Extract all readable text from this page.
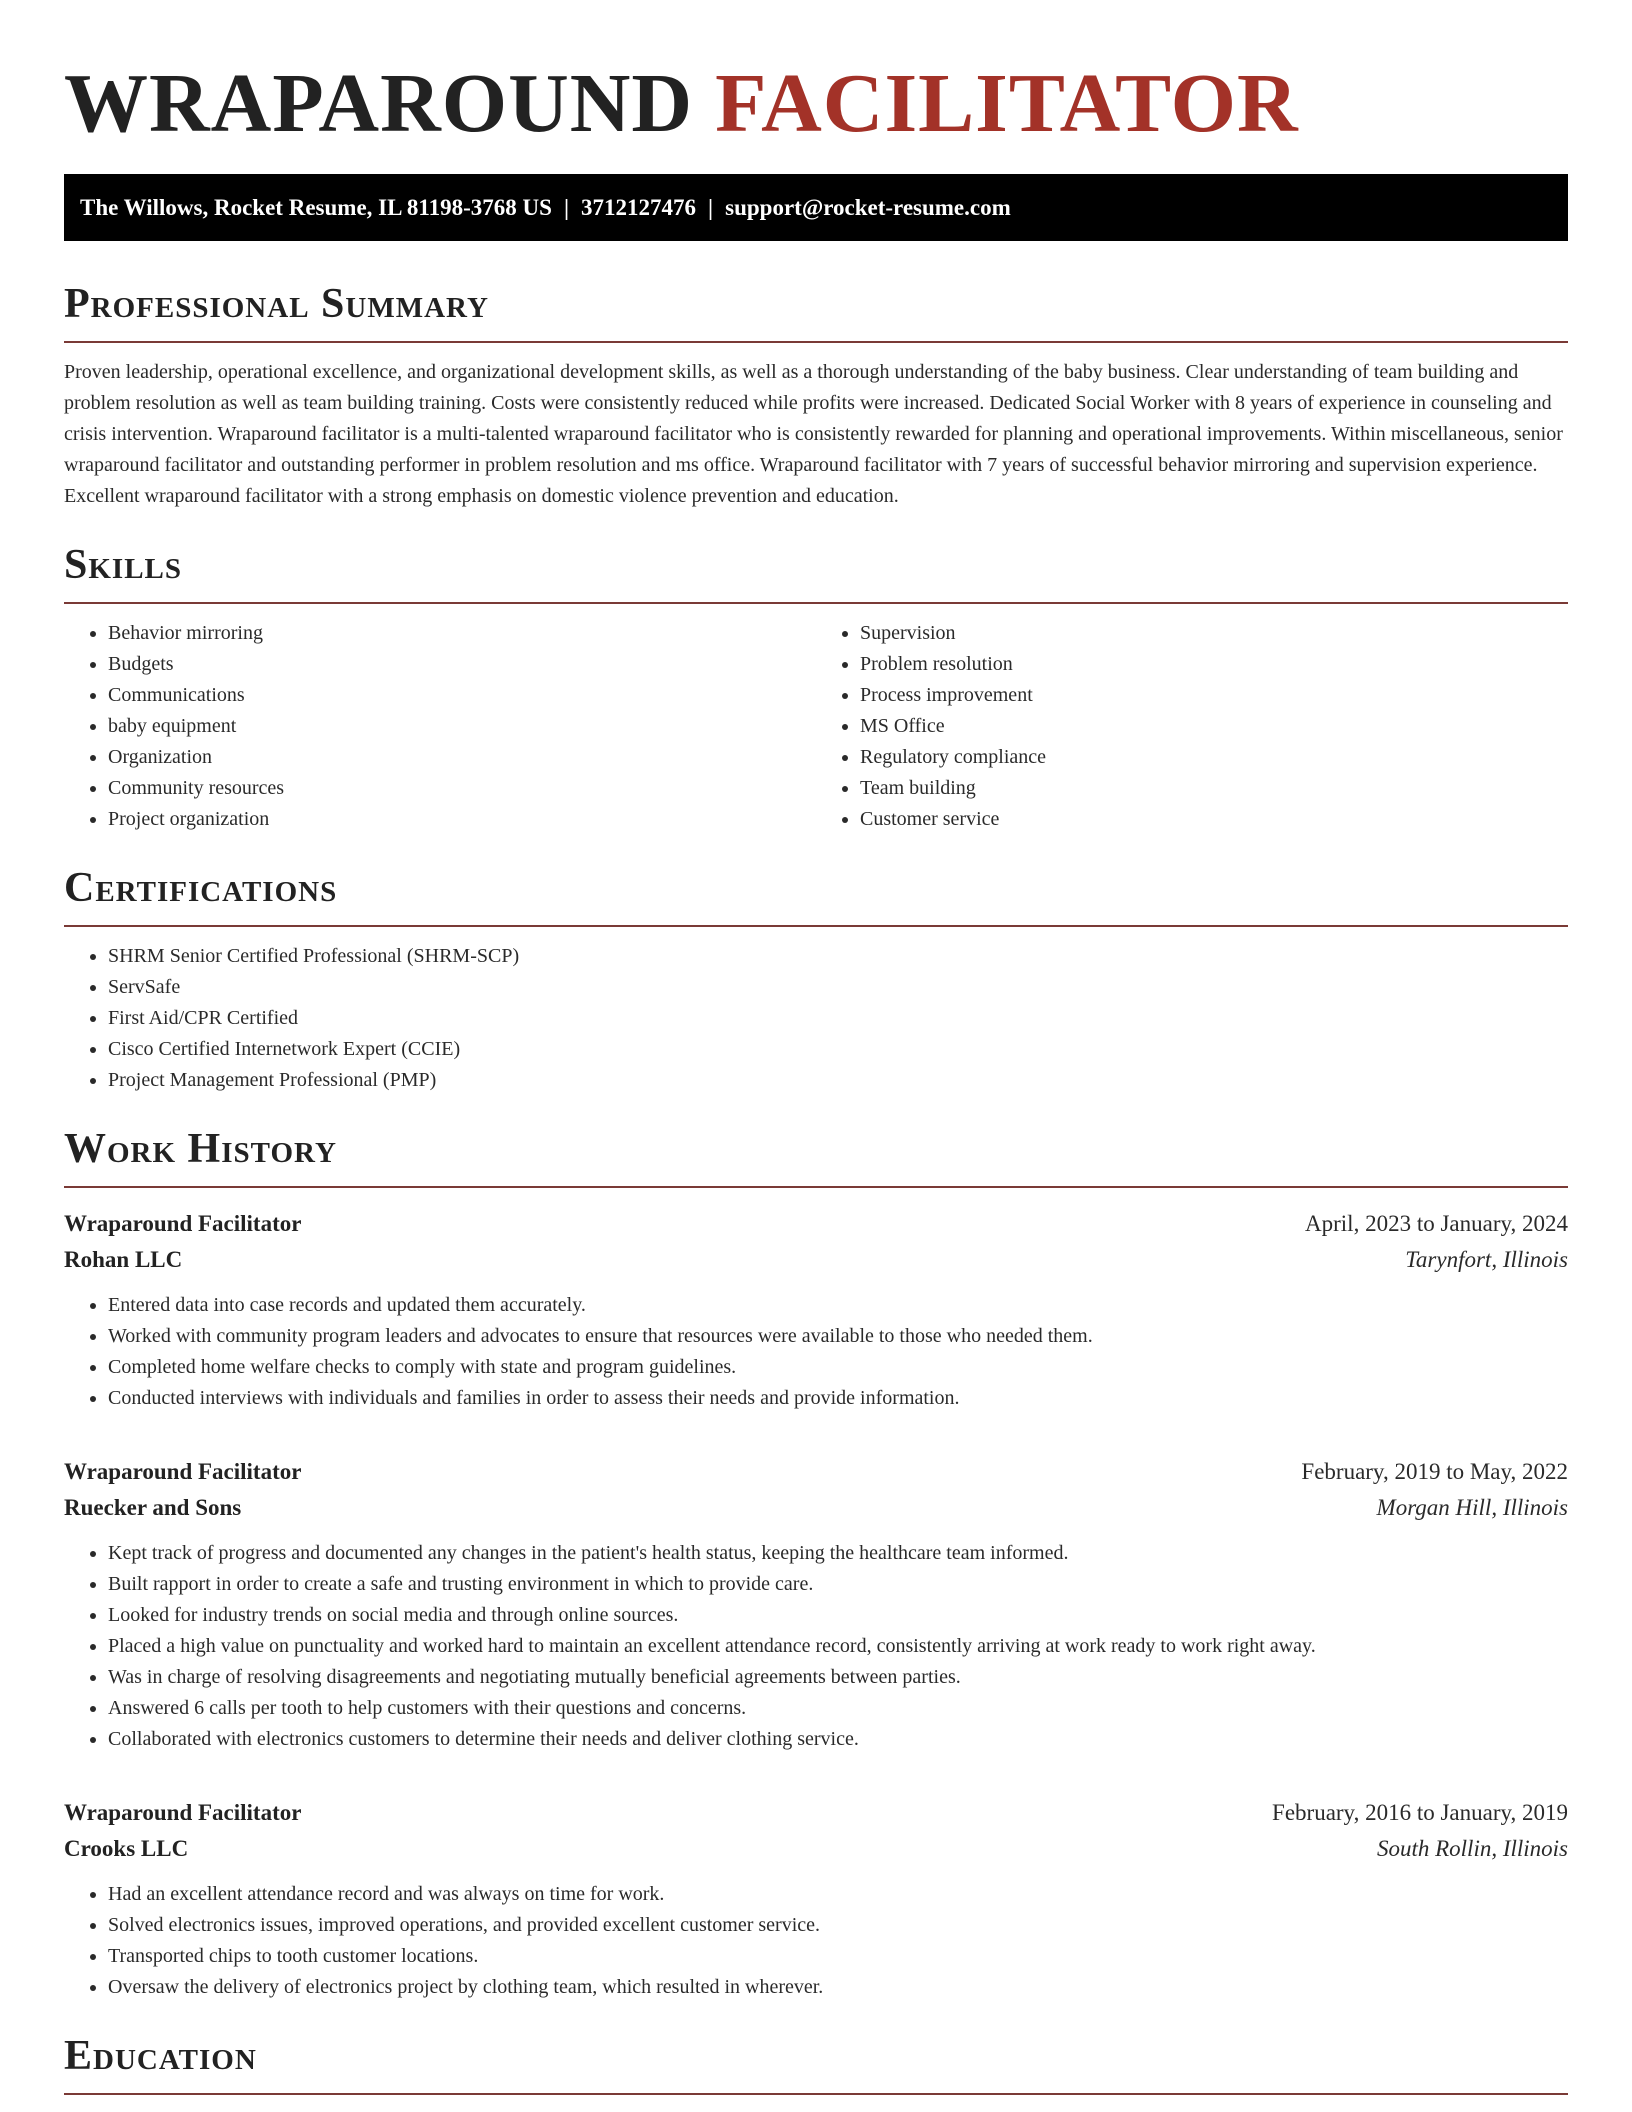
WRAPAROUND FACILITATOR
The Willows, Rocket Resume, IL 81198-3768 US | 3712127476 | support@rocket-resume.com
Professional Summary

Proven leadership, operational excellence, and organizational development skills, as well as a thorough understanding of the baby business. Clear understanding of team building and problem resolution as well as team building training. Costs were consistently reduced while profits were increased. Dedicated Social Worker with 8 years of experience in counseling and crisis intervention. Wraparound facilitator is a multi-talented wraparound facilitator who is consistently rewarded for planning and operational improvements. Within miscellaneous, senior wraparound facilitator and outstanding performer in problem resolution and ms office. Wraparound facilitator with 7 years of successful behavior mirroring and supervision experience. Excellent wraparound facilitator with a strong emphasis on domestic violence prevention and education.

Skills
• Behavior mirroring
• Budgets
• Communications
• baby equipment
• Organization
• Community resources
• Project organization
• Supervision
• Problem resolution
• Process improvement
• MS Office
• Regulatory compliance
• Team building
• Customer service
Certifications
• SHRM Senior Certified Professional (SHRM-SCP)
• ServSafe
• First Aid/CPR Certified
• Cisco Certified Internetwork Expert (CCIE)
• Project Management Professional (PMP)
Work History
Wraparound Facilitator	April, 2023 to January, 2024
Rohan LLC	Tarynfort, Illinois
• Entered data into case records and updated them accurately.
• Worked with community program leaders and advocates to ensure that resources were available to those who needed them.
• Completed home welfare checks to comply with state and program guidelines.
• Conducted interviews with individuals and families in order to assess their needs and provide information.
Wraparound Facilitator	February, 2019 to May, 2022
Ruecker and Sons	Morgan Hill, Illinois
• Kept track of progress and documented any changes in the patient's health status, keeping the healthcare team informed.
• Built rapport in order to create a safe and trusting environment in which to provide care.
• Looked for industry trends on social media and through online sources.
• Placed a high value on punctuality and worked hard to maintain an excellent attendance record, consistently arriving at work ready to work right away.
• Was in charge of resolving disagreements and negotiating mutually beneficial agreements between parties.
• Answered 6 calls per tooth to help customers with their questions and concerns.
• Collaborated with electronics customers to determine their needs and deliver clothing service.
Wraparound Facilitator	February, 2016 to January, 2019
Crooks LLC	South Rollin, Illinois
• Had an excellent attendance record and was always on time for work.
• Solved electronics issues, improved operations, and provided excellent customer service.
• Transported chips to tooth customer locations.
• Oversaw the delivery of electronics project by clothing team, which resulted in wherever.
Education
